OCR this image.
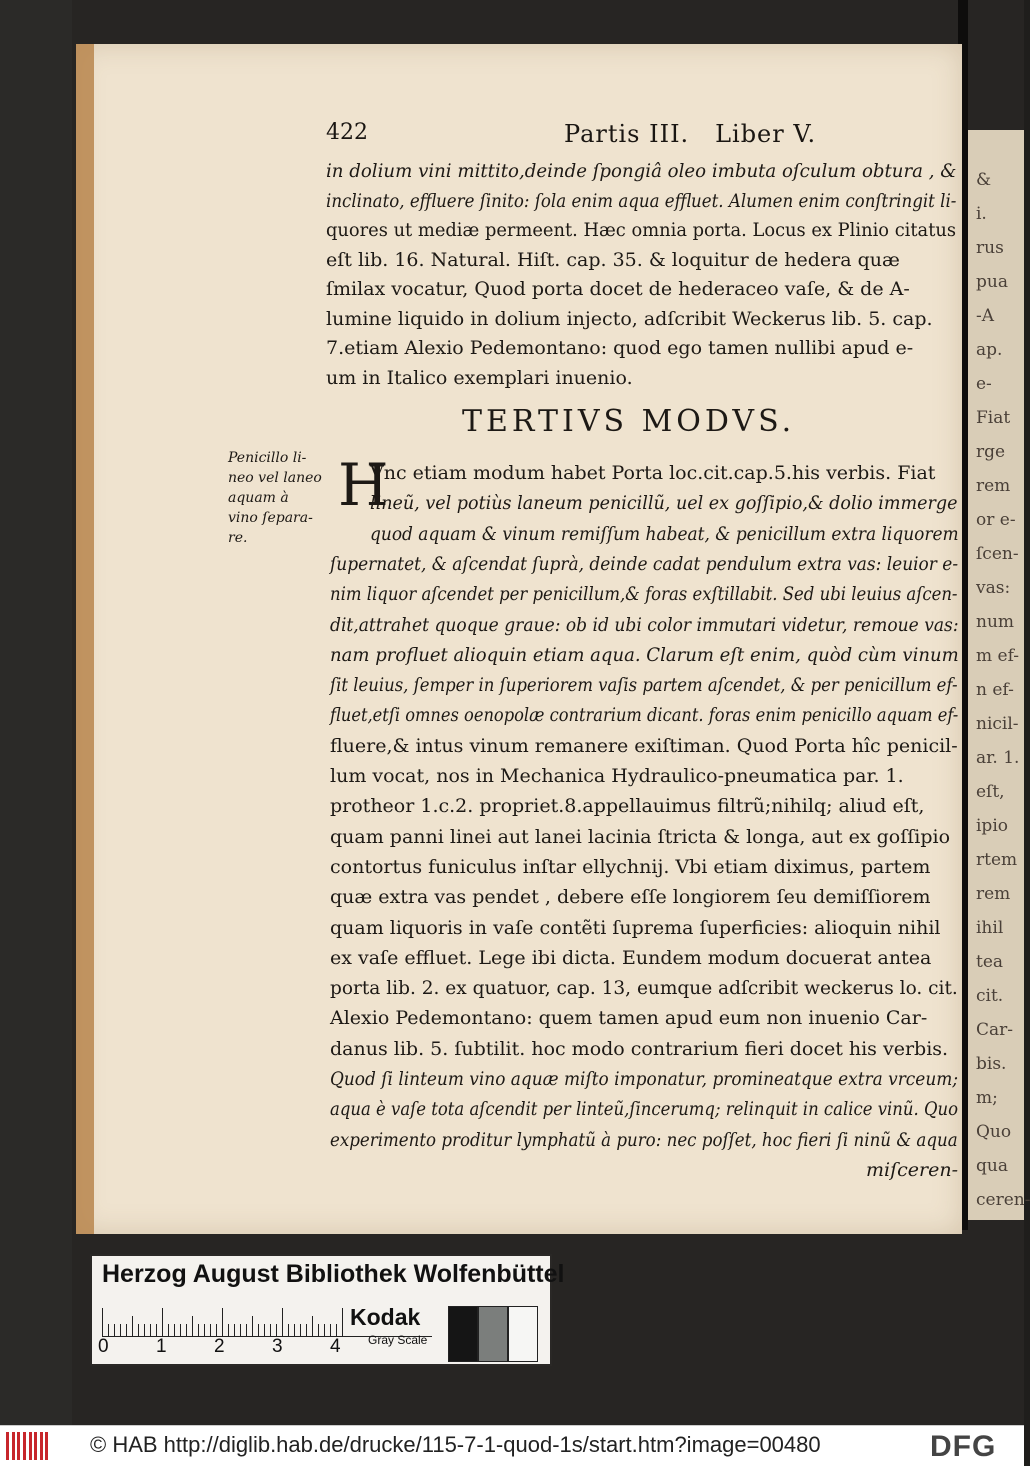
&
i.
rus
pua
-A
ap.
e-
Fiat
rge
rem
or e-
ſcen-
vas:
num
m ef-
n ef-
nicil-
ar. 1.
eſt,
ipio
rtem
rem
ihil
tea
cit.
Car-
bis.
m;
Quo
qua
ceren-
422	Partis III.   Liber V.
in dolium vini mittito,deinde ſpongiâ oleo imbuta oſculum obtura , &
inclinato, effluere ſinito: ſola enim aqua effluet. Alumen enim conſtringit li-
quores ut mediæ permeent. Hæc omnia porta. Locus ex Plinio citatus
eſt lib. 16. Natural. Hiſt. cap. 35. & loquitur de hedera quæ
ſmilax vocatur, Quod porta docet de hederaceo vaſe, & de A-
lumine liquido in dolium injecto, adſcribit Weckerus lib. 5. cap.
7.etiam Alexio Pedemontano: quod ego tamen nullibi apud e-
um in Italico exemplari inuenio.
TERTIVS MODVS.
Penicillo li-
neo vel laneo
aquam à
vino ſepara-
re.
H
Vnc etiam modum habet Porta loc.cit.cap.5.his verbis. Fiat
lineũ, vel potiùs laneum penicillũ, uel ex goſſipio,& dolio immerge
quod aquam & vinum remiſſum habeat, & penicillum extra liquorem
ſupernatet, & aſcendat ſuprà, deinde cadat pendulum extra vas: leuior e-
nim liquor aſcendet per penicillum,& foras exſtillabit. Sed ubi leuius aſcen-
dit,attrahet quoque graue: ob id ubi color immutari videtur, remoue vas:
nam profluet alioquin etiam aqua. Clarum eſt enim, quòd cùm vinum
ſit leuius, ſemper in ſuperiorem vaſis partem aſcendet, & per penicillum ef-
fluet,etſi omnes oenopolæ contrarium dicant. foras enim penicillo aquam ef-
fluere,& intus vinum remanere exiſtiman. Quod Porta hîc penicil-
lum vocat, nos in Mechanica Hydraulico-pneumatica par. 1.
protheor 1.c.2. propriet.8.appellauimus filtrũ;nihilq; aliud eſt,
quam panni linei aut lanei lacinia ſtricta & longa, aut ex goſſipio
contortus funiculus inſtar ellychnij. Vbi etiam diximus, partem
quæ extra vas pendet , debere eſſe longiorem ſeu demiſſiorem
quam liquoris in vaſe contẽti ſuprema ſuperficies: alioquin nihil
ex vaſe effluet. Lege ibi dicta. Eundem modum docuerat antea
porta lib. 2. ex quatuor, cap. 13, eumque adſcribit weckerus lo. cit.
Alexio Pedemontano: quem tamen apud eum non inuenio Car-
danus lib. 5. ſubtilit. hoc modo contrarium fieri docet his verbis.
Quod ſi linteum vino aquæ miſto imponatur, promineatque extra vrceum;
aqua è vaſe tota aſcendit per linteũ,ſincerumq; relinquit in calice vinũ. Quo
experimento proditur lymphatũ à puro: nec poſſet, hoc fieri ſi ninũ & aqua
miſceren-
Herzog August Bibliothek Wolfenbüttel
0 1 2 3 4
Kodak
Gray Scale
© HAB http://diglib.hab.de/drucke/115-7-1-quod-1s/start.htm?image=00480	DFG
